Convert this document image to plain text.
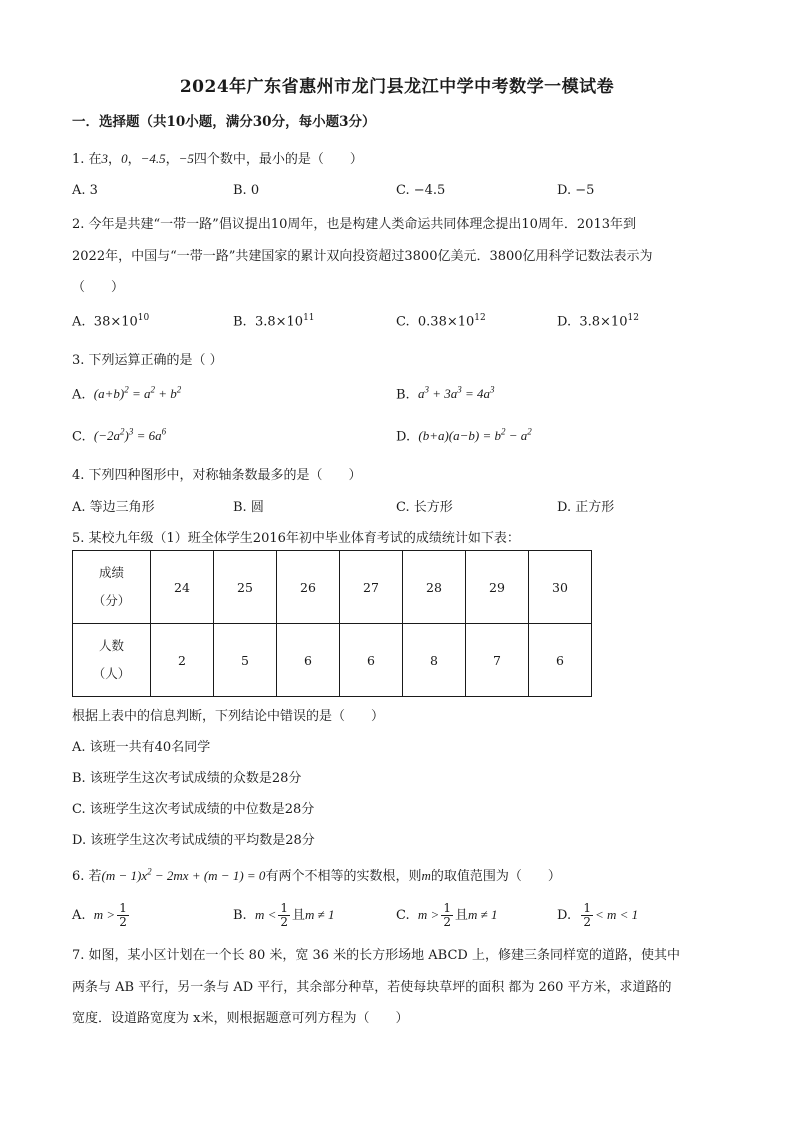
2024年广东省惠州市龙门县龙江中学中考数学一模试卷
一．选择题（共10小题，满分30分，每小题3分）
1. 在3，0，−4.5，−5四个数中，最小的是（　　）
A. 3	B. 0	C. −4.5	D. −5
2. 今年是共建“一带一路”倡议提出10周年，也是构建人类命运共同体理念提出10周年．2013年到
2022年，中国与“一带一路”共建国家的累计双向投资超过3800亿美元．3800亿用科学记数法表示为
（　　）
A. $38\times 10^{10}$	B. $3.8\times 10^{11}$	C. $0.38\times 10^{12}$	D. $3.8\times 10^{12}$
3. 下列运算正确的是（ ）
A. $(a+b)^2 = a^2 + b^2$	B. $a^3 + 3a^3 = 4a^3$
C. $(-2a^2)^3 = 6a^6$	D. $(b+a)(a-b) = b^2 - a^2$
4. 下列四种图形中，对称轴条数最多的是（　　）
A. 等边三角形	B. 圆	C. 长方形	D. 正方形
5. 某校九年级（1）班全体学生2016年初中毕业体育考试的成绩统计如下表：
成绩
（分）	24	25	26	27	28	29	30

人数
（人）	2	5	6	6	8	7	6
根据上表中的信息判断，下列结论中错误的是（　　）
A. 该班一共有40名同学
B. 该班学生这次考试成绩的众数是28分
C. 该班学生这次考试成绩的中位数是28分
D. 该班学生这次考试成绩的平均数是28分
6. 若$(m - 1)x^2 - 2mx + (m - 1) = 0$有两个不相等的实数根，则m的取值范围为（　　）
A. $m > \frac{1}{2}$	B. $m < \frac{1}{2}$ 且m ≠ 1	C. $m > \frac{1}{2}$ 且m ≠ 1	D. $\frac{1}{2} < m < 1$
7. 如图，某小区计划在一个长 80 米，宽 36 米的长方形场地 ABCD 上，修建三条同样宽的道路，使其中
两条与 AB 平行，另一条与 AD 平行，其余部分种草，若使每块草坪的面积 都为 260 平方米，求道路的
宽度．设道路宽度为 x米，则根据题意可列方程为（　　）
